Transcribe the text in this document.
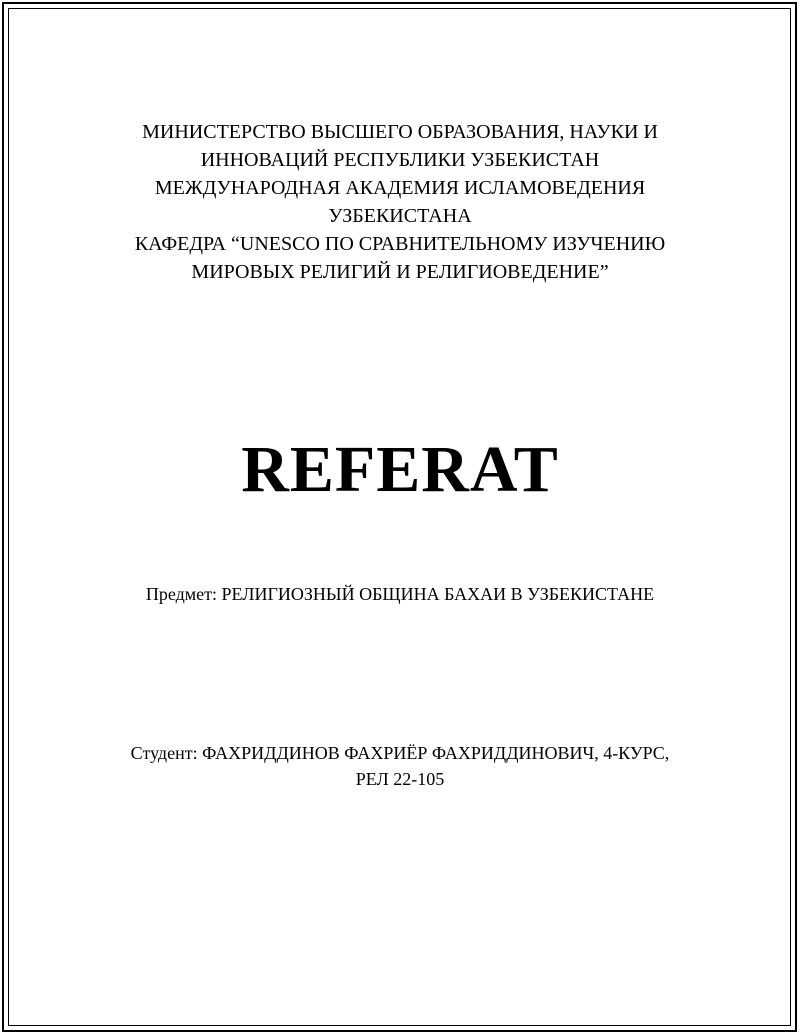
МИНИСТЕРСТВО ВЫСШЕГО ОБРАЗОВАНИЯ, НАУКИ И
ИННОВАЦИЙ РЕСПУБЛИКИ УЗБЕКИСТАН
МЕЖДУНАРОДНАЯ АКАДЕМИЯ ИСЛАМОВЕДЕНИЯ
УЗБЕКИСТАНА
КАФЕДРА “UNESCO ПО СРАВНИТЕЛЬНОМУ ИЗУЧЕНИЮ
МИРОВЫХ РЕЛИГИЙ И РЕЛИГИОВЕДЕНИЕ”
REFERAT
Предмет: РЕЛИГИОЗНЫЙ ОБЩИНА БАХАИ В УЗБЕКИСТАНЕ
Студент: ФАХРИДДИНОВ ФАХРИЁР ФАХРИДДИНОВИЧ, 4-КУРС,
РЕЛ 22-105
